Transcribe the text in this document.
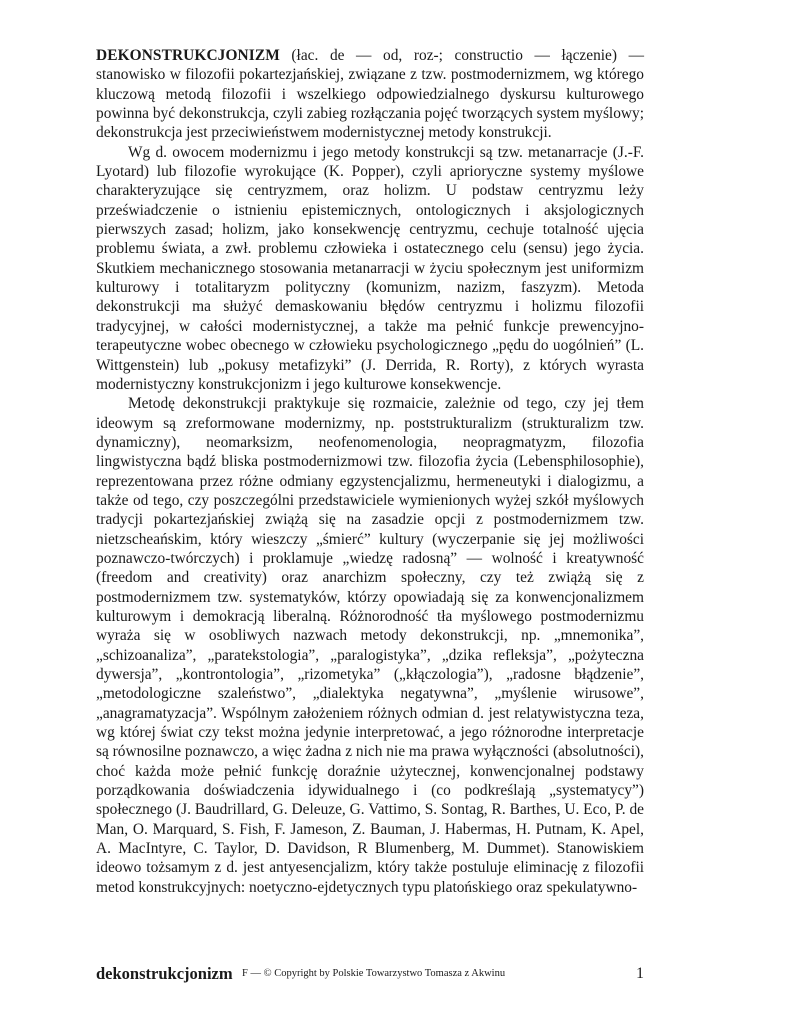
DEKONSTRUKCJONIZM (łac. de — od, roz-; constructio — łączenie) — stanowisko w filozofii pokartezjańskiej, związane z tzw. postmodernizmem, wg którego kluczową metodą filozofii i wszelkiego odpowiedzialnego dyskursu kulturowego powinna być dekonstrukcja, czyli zabieg rozłączania pojęć tworzących system myślowy; dekonstrukcja jest przeciwieństwem modernistycznej metody konstrukcji.

Wg d. owocem modernizmu i jego metody konstrukcji są tzw. metanarracje (J.-F. Lyotard) lub filozofie wyrokujące (K. Popper), czyli aprioryczne systemy myślowe charakteryzujące się centryzmem, oraz holizm. U podstaw centryzmu leży przeświadczenie o istnieniu epistemicznych, ontologicznych i aksjologicznych pierwszych zasad; holizm, jako konsekwencję centryzmu, cechuje totalność ujęcia problemu świata, a zwł. problemu człowieka i ostatecznego celu (sensu) jego życia. Skutkiem mechanicznego stosowania metanarracji w życiu społecznym jest uniformizm kulturowy i totalitaryzm polityczny (komunizm, nazizm, faszyzm). Metoda dekonstrukcji ma służyć demaskowaniu błędów centryzmu i holizmu filozofii tradycyjnej, w całości modernistycznej, a także ma pełnić funkcje prewencyjno-terapeutyczne wobec obecnego w człowieku psychologicznego „pędu do uogólnień” (L. Wittgenstein) lub „pokusy metafizyki” (J. Derrida, R. Rorty), z których wyrasta modernistyczny konstrukcjonizm i jego kulturowe konsekwencje.

Metodę dekonstrukcji praktykuje się rozmaicie, zależnie od tego, czy jej tłem ideowym są zreformowane modernizmy, np. poststrukturalizm (strukturalizm tzw. dynamiczny), neomarksizm, neofenomenologia, neopragmatyzm, filozofia lingwistyczna bądź bliska postmodernizmowi tzw. filozofia życia (Lebensphilosophie), reprezentowana przez różne odmiany egzystencjalizmu, hermeneutyki i dialogizmu, a także od tego, czy poszczególni przedstawiciele wymienionych wyżej szkół myślowych tradycji pokartezjańskiej zwiążą się na zasadzie opcji z postmodernizmem tzw. nietzscheańskim, który wieszczy „śmierć” kultury (wyczerpanie się jej możliwości poznawczo-twórczych) i proklamuje „wiedzę radosną” — wolność i kreatywność (freedom and creativity) oraz anarchizm społeczny, czy też zwiążą się z postmodernizmem tzw. systematyków, którzy opowiadają się za konwencjonalizmem kulturowym i demokracją liberalną. Różnorodność tła myślowego postmodernizmu wyraża się w osobliwych nazwach metody dekonstrukcji, np. „mnemonika”, „schizoanaliza”, „paratekstologia”, „paralogistyka”, „dzika refleksja”, „pożyteczna dywersja”, „kontrontologia”, „rizometyka” („kłączologia”), „radosne błądzenie”, „metodologiczne szaleństwo”, „dialektyka negatywna”, „myślenie wirusowe”, „anagramatyzacja”. Wspólnym założeniem różnych odmian d. jest relatywistyczna teza, wg której świat czy tekst można jedynie interpretować, a jego różnorodne interpretacje są równosilne poznawczo, a więc żadna z nich nie ma prawa wyłączności (absolutności), choć każda może pełnić funkcję doraźnie użytecznej, konwencjonalnej podstawy porządkowania doświadczenia idywidualnego i (co podkreślają „systematycy”) społecznego (J. Baudrillard, G. Deleuze, G. Vattimo, S. Sontag, R. Barthes, U. Eco, P. de Man, O. Marquard, S. Fish, F. Jameson, Z. Bauman, J. Habermas, H. Putnam, K. Apel, A. MacIntyre, C. Taylor, D. Davidson, R Blumenberg, M. Dummet). Stanowiskiem ideowo tożsamym z d. jest antyesencjalizm, który także postuluje eliminację z filozofii metod konstrukcyjnych: noetyczno-ejdetycznych typu platońskiego oraz spekulatywno-

dekonstrukcjonizm F — © Copyright by Polskie Towarzystwo Tomasza z Akwinu	1
